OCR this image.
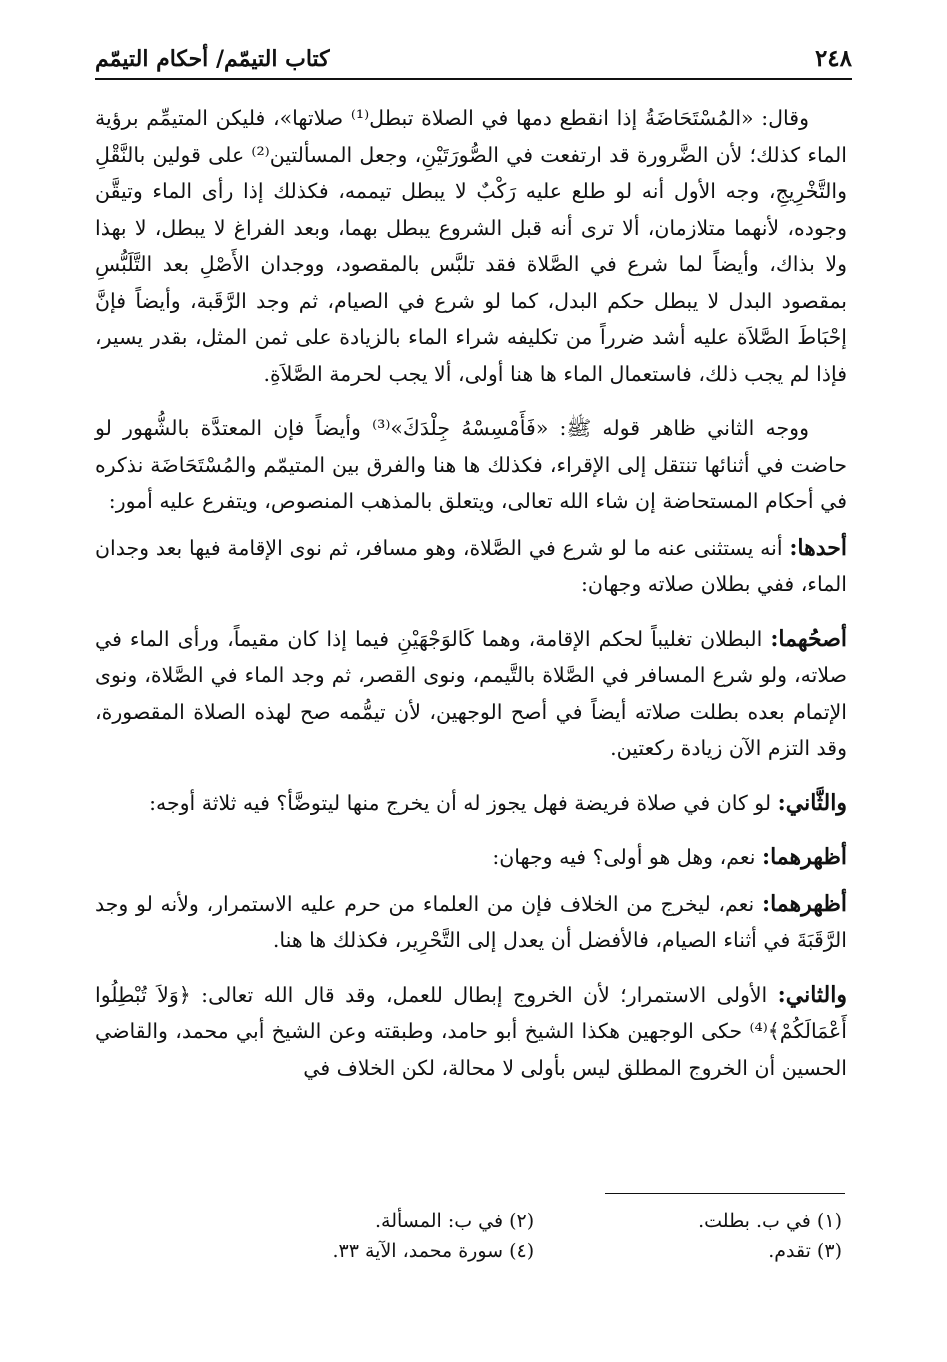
٢٤٨
كتاب التيمّم/ أحكام التيمّم

وقال: «المُسْتَحَاضَةُ إذا انقطع دمها في الصلاة تبطل⁽¹⁾ صلاتها»، فليكن المتيمِّم برؤية الماء كذلك؛ لأن الضَّرورة قد ارتفعت في الصُّورَتَيْنِ، وجعل المسألتين⁽²⁾ على قولين بالنَّقْلِ والتَّخْرِيجِ، وجه الأول أنه لو طلع عليه رَكْبٌ لا يبطل تيممه، فكذلك إذا رأى الماء وتيقَّن وجوده، لأنهما متلازمان، ألا ترى أنه قبل الشروع يبطل بهما، وبعد الفراغ لا يبطل، لا بهذا ولا بذاك، وأيضاً لما شرع في الصَّلاة فقد تلبَّس بالمقصود، ووجدان الأَصْلِ بعد التَّلَبُّسِ بمقصود البدل لا يبطل حكم البدل، كما لو شرع في الصيام، ثم وجد الرَّقَبة، وأيضاً فإنَّ إحْبَاطَ الصَّلاَة عليه أشد ضرراً من تكليفه شراء الماء بالزيادة على ثمن المثل، بقدر يسير، فإذا لم يجب ذلك، فاستعمال الماء ها هنا أولى، ألا يجب لحرمة الصَّلاَةِ.

ووجه الثاني ظاهر قوله ﷺ: «فَأَمْسِسْهُ جِلْدَكَ»⁽³⁾ وأيضاً فإن المعتدَّة بالشُّهور لو حاضت في أثنائها تنتقل إلى الإقراء، فكذلك ها هنا والفرق بين المتيمّم والمُسْتَحَاضَة نذكره في أحكام المستحاضة إن شاء الله تعالى، ويتعلق بالمذهب المنصوص، ويتفرع عليه أمور:

أحدها: أنه يستثنى عنه ما لو شرع في الصَّلاة، وهو مسافر، ثم نوى الإقامة فيها بعد وجدان الماء، ففي بطلان صلاته وجهان:

أصحُهما: البطلان تغليباً لحكم الإقامة، وهما كَالوَجْهَيْنِ فيما إذا كان مقيماً، ورأى الماء في صلاته، ولو شرع المسافر في الصَّلاة بالتَّيمم، ونوى القصر، ثم وجد الماء في الصَّلاة، ونوى الإتمام بعده بطلت صلاته أيضاً في أصح الوجهين، لأن تيمُّمه صح لهذه الصلاة المقصورة، وقد التزم الآن زيادة ركعتين.

والثَّاني: لو كان في صلاة فريضة فهل يجوز له أن يخرج منها ليتوضَّأ؟ فيه ثلاثة أوجه:

أظهرهما: نعم، وهل هو أولى؟ فيه وجهان:

أظهرهما: نعم، ليخرج من الخلاف فإن من العلماء من حرم عليه الاستمرار، ولأنه لو وجد الرَّقَبَةَ في أثناء الصيام، فالأفضل أن يعدل إلى التَّحْرِير، فكذلك ها هنا.

والثاني: الأولى الاستمرار؛ لأن الخروج إبطال للعمل، وقد قال الله تعالى: ﴿وَلاَ تُبْطِلُوا أَعْمَالَكُمْ﴾⁽⁴⁾ حكى الوجهين هكذا الشيخ أبو حامد، وطبقته وعن الشيخ أبي محمد، والقاضي الحسين أن الخروج المطلق ليس بأولى لا محالة، لكن الخلاف في

(١) في ب. بطلت.
(٢) في ب: المسألة.
(٣) تقدم.
(٤) سورة محمد، الآية ٣٣.
